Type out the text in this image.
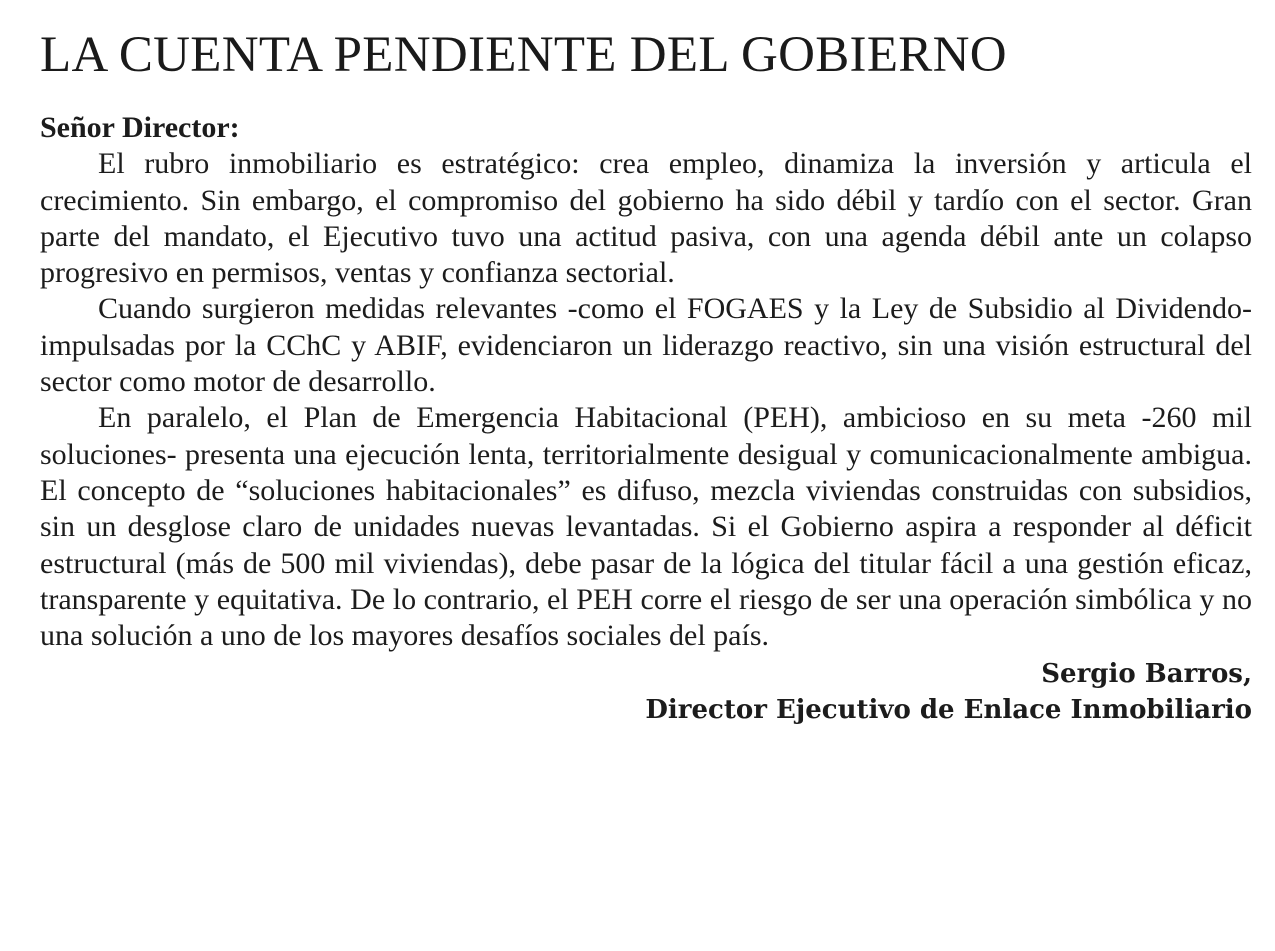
LA CUENTA PENDIENTE DEL GOBIERNO

Señor Director:

El rubro inmobiliario es estratégico: crea empleo, dinamiza la inversión y articula el crecimiento. Sin embargo, el compromiso del gobierno ha sido débil y tardío con el sector. Gran parte del mandato, el Ejecutivo tuvo una actitud pasiva, con una agenda débil ante un colapso progresivo en permisos, ventas y confianza sectorial.

Cuando surgieron medidas relevantes -como el FOGAES y la Ley de Subsidio al Dividendo- impulsadas por la CChC y ABIF, evidenciaron un liderazgo reactivo, sin una visión estructural del sector como motor de desarrollo.

En paralelo, el Plan de Emergencia Habitacional (PEH), ambicioso en su meta -260 mil soluciones- presenta una ejecución lenta, territorialmente desigual y comunicacionalmente ambigua. El concepto de “soluciones habitacionales” es difuso, mezcla viviendas construidas con subsidios, sin un desglose claro de unidades nuevas levantadas. Si el Gobierno aspira a responder al déficit estructural (más de 500 mil viviendas), debe pasar de la lógica del titular fácil a una gestión eficaz, transparente y equitativa. De lo contrario, el PEH corre el riesgo de ser una operación simbólica y no una solución a uno de los mayores desafíos sociales del país.

Sergio Barros,
Director Ejecutivo de Enlace Inmobiliario
